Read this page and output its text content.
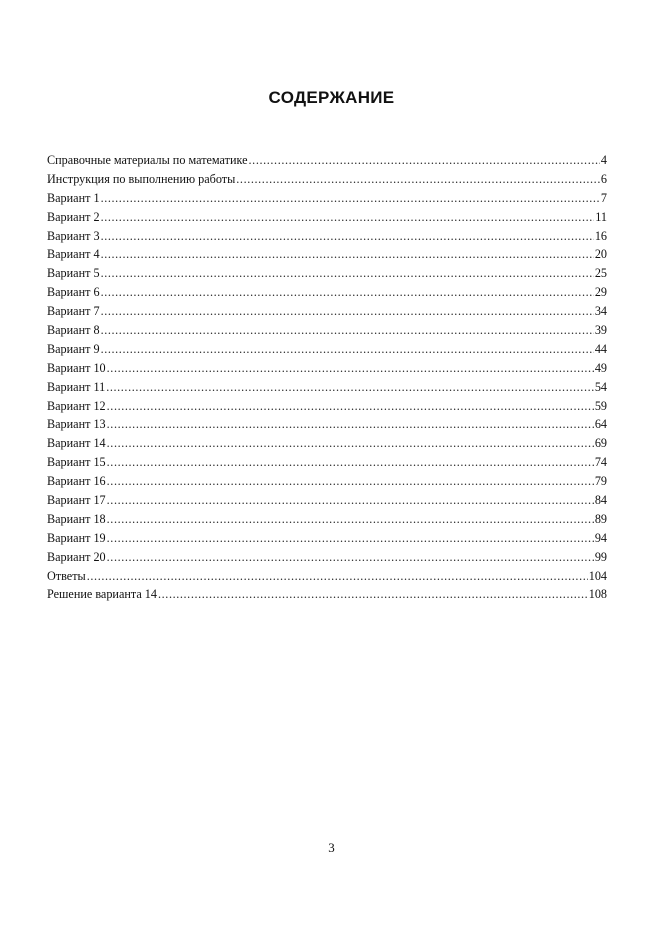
СОДЕРЖАНИЕ
Справочные материалы по математике .....	4
Инструкция по выполнению работы .....	6
Вариант 1 .....	7
Вариант 2 .....	11
Вариант 3 .....	16
Вариант 4 .....	20
Вариант 5 .....	25
Вариант 6 .....	29
Вариант 7 .....	34
Вариант 8 .....	39
Вариант 9 .....	44
Вариант 10 .....	49
Вариант 11 .....	54
Вариант 12 .....	59
Вариант 13 .....	64
Вариант 14 .....	69
Вариант 15 .....	74
Вариант 16 .....	79
Вариант 17 .....	84
Вариант 18 .....	89
Вариант 19 .....	94
Вариант 20 .....	99
Ответы .....	104
Решение варианта 14 .....	108
3
